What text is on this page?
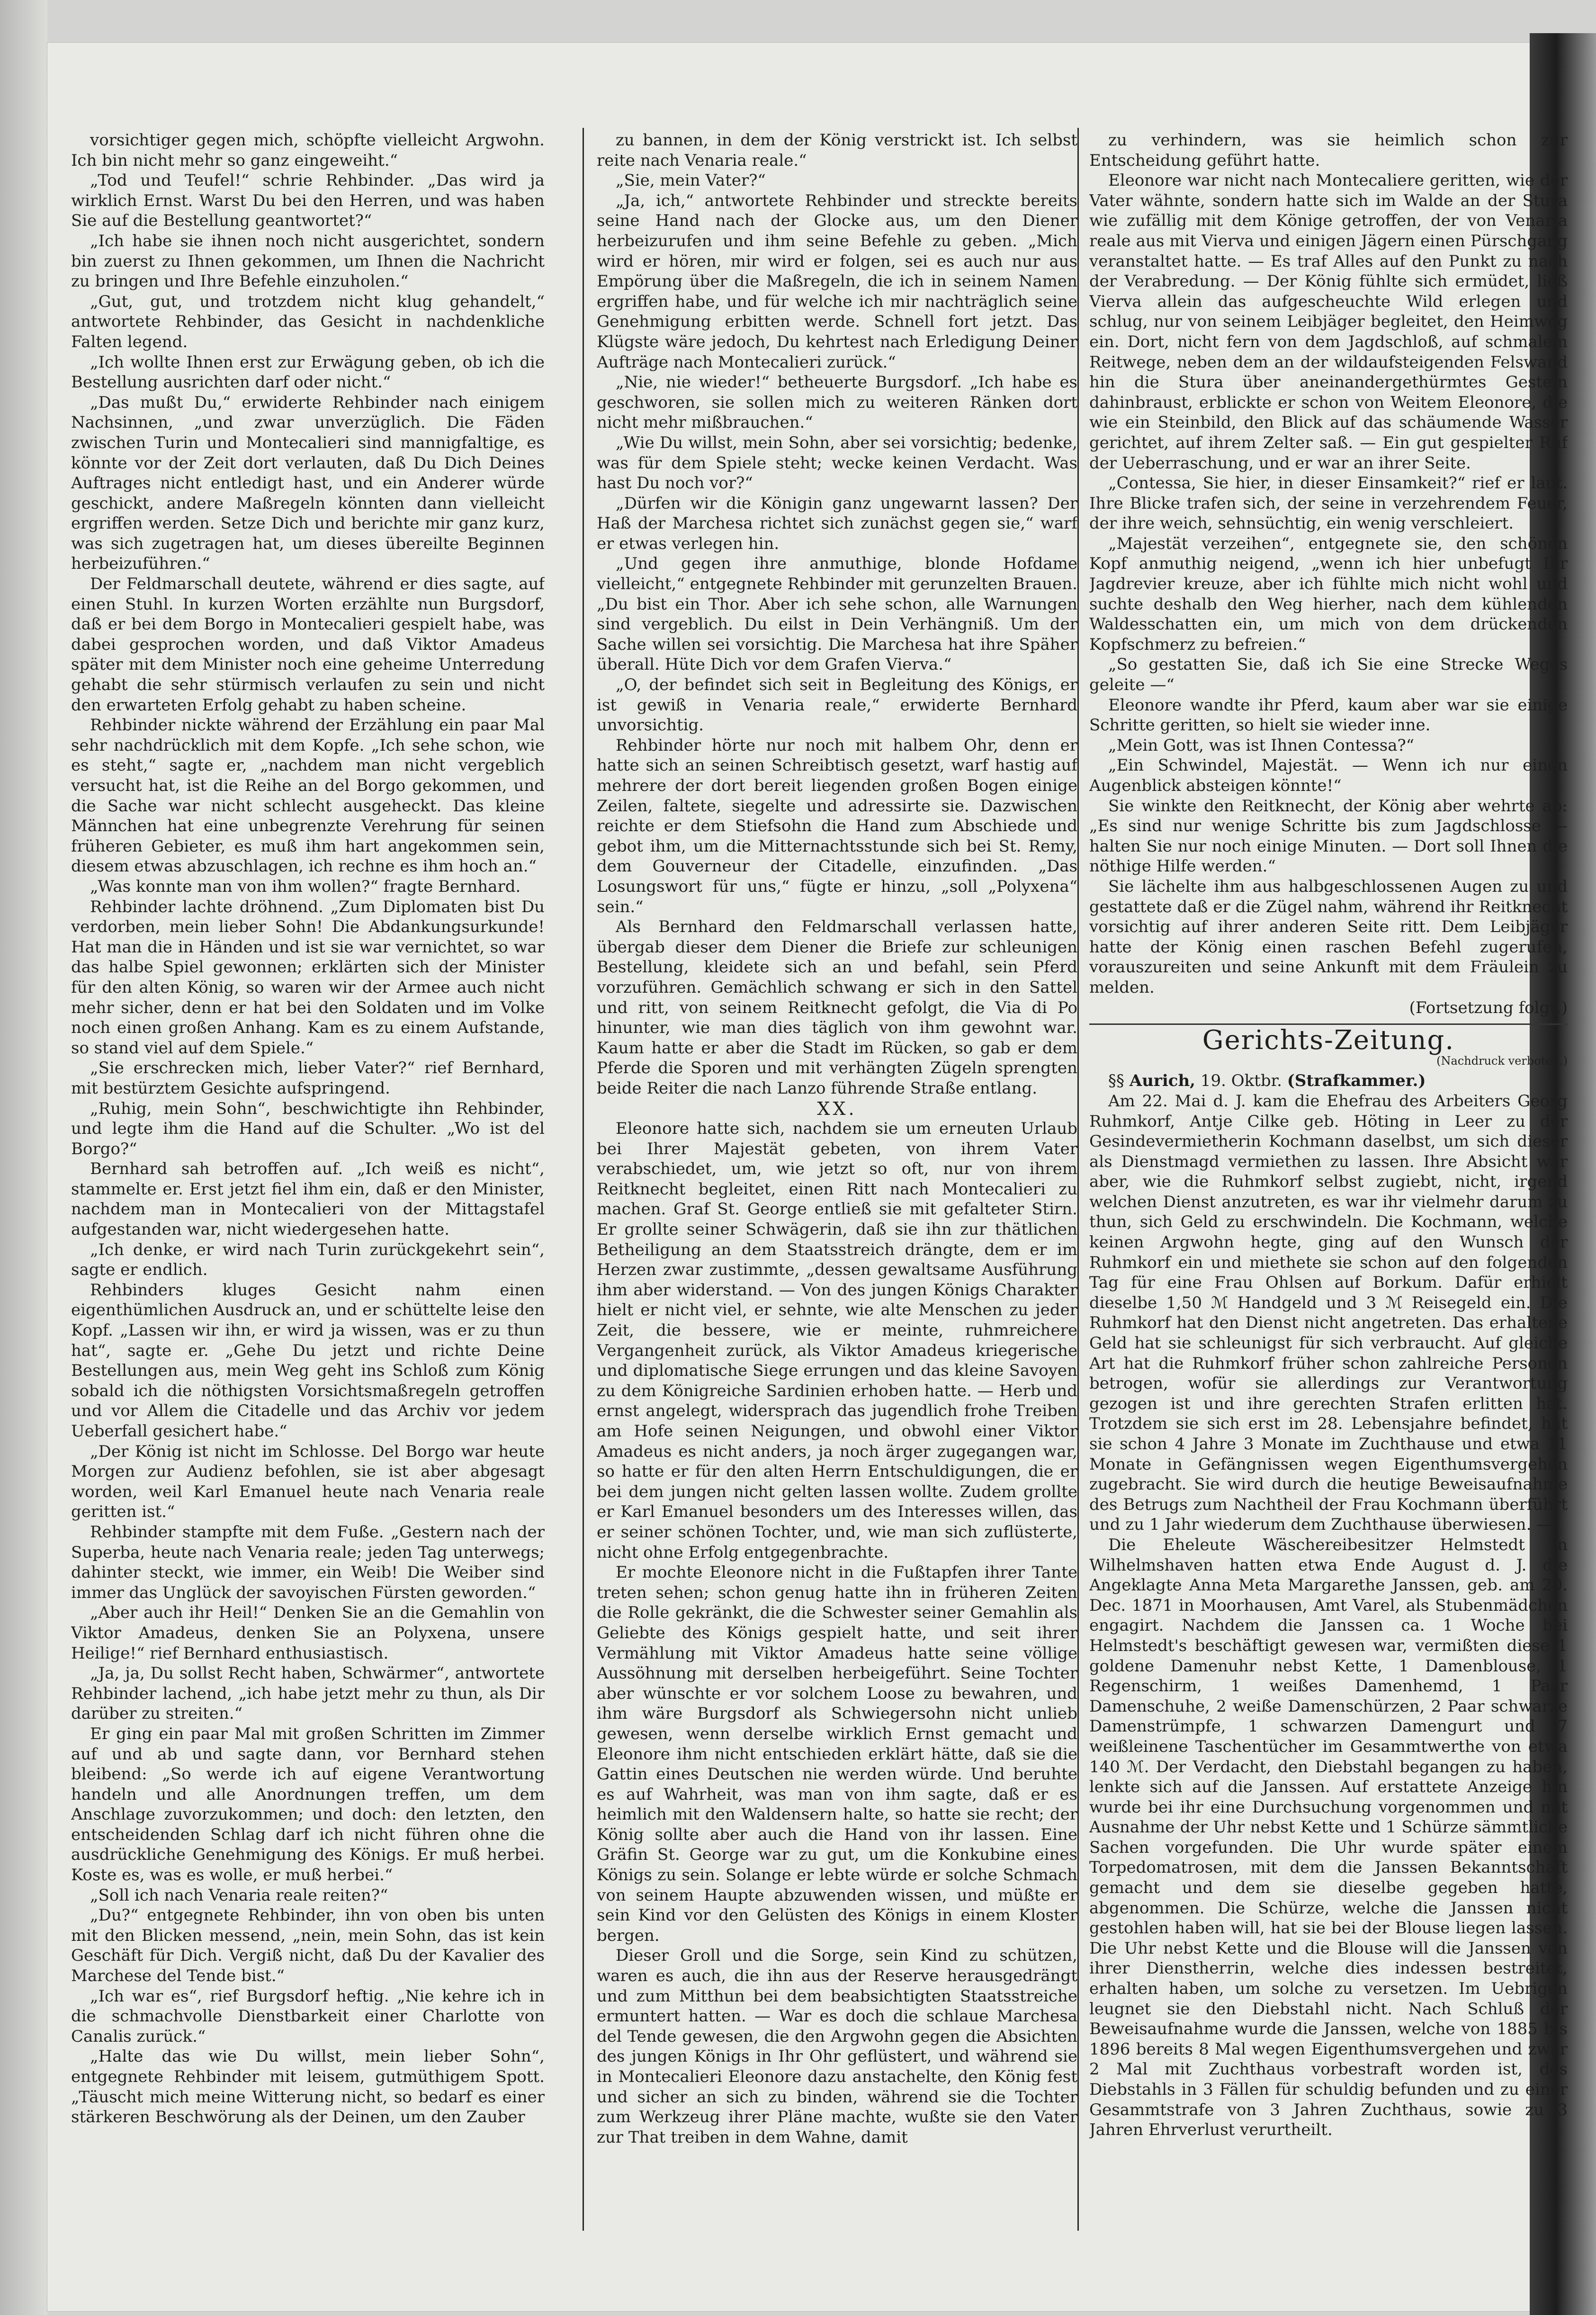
vorsichtiger gegen mich, schöpfte vielleicht Argwohn. Ich bin nicht mehr so ganz eingeweiht.“

„Tod und Teufel!“ schrie Rehbinder. „Das wird ja wirklich Ernst. Warst Du bei den Herren, und was haben Sie auf die Bestellung geantwortet?“

„Ich habe sie ihnen noch nicht ausgerichtet, sondern bin zuerst zu Ihnen gekommen, um Ihnen die Nachricht zu bringen und Ihre Befehle einzuholen.“

„Gut, gut, und trotzdem nicht klug gehandelt,“ antwortete Rehbinder, das Gesicht in nachdenkliche Falten legend.

„Ich wollte Ihnen erst zur Erwägung geben, ob ich die Bestellung ausrichten darf oder nicht.“

„Das mußt Du,“ erwiderte Rehbinder nach einigem Nachsinnen, „und zwar unverzüglich. Die Fäden zwischen Turin und Montecalieri sind mannigfaltige, es könnte vor der Zeit dort verlauten, daß Du Dich Deines Auftrages nicht entledigt hast, und ein Anderer würde geschickt, andere Maßregeln könnten dann vielleicht ergriffen werden. Setze Dich und berichte mir ganz kurz, was sich zugetragen hat, um dieses übereilte Beginnen herbeizuführen.“

Der Feldmarschall deutete, während er dies sagte, auf einen Stuhl. In kurzen Worten erzählte nun Burgsdorf, daß er bei dem Borgo in Montecalieri gespielt habe, was dabei gesprochen worden, und daß Viktor Amadeus später mit dem Minister noch eine geheime Unterredung gehabt die sehr stürmisch verlaufen zu sein und nicht den erwarteten Erfolg gehabt zu haben scheine.

Rehbinder nickte während der Erzählung ein paar Mal sehr nachdrücklich mit dem Kopfe. „Ich sehe schon, wie es steht,“ sagte er, „nachdem man nicht vergeblich versucht hat, ist die Reihe an del Borgo gekommen, und die Sache war nicht schlecht ausgeheckt. Das kleine Männchen hat eine unbegrenzte Verehrung für seinen früheren Gebieter, es muß ihm hart angekommen sein, diesem etwas abzuschlagen, ich rechne es ihm hoch an.“

„Was konnte man von ihm wollen?“ fragte Bernhard.

Rehbinder lachte dröhnend. „Zum Diplomaten bist Du verdorben, mein lieber Sohn! Die Abdankungsurkunde! Hat man die in Händen und ist sie war vernichtet, so war das halbe Spiel gewonnen; erklärten sich der Minister für den alten König, so waren wir der Armee auch nicht mehr sicher, denn er hat bei den Soldaten und im Volke noch einen großen Anhang. Kam es zu einem Aufstande, so stand viel auf dem Spiele.“

„Sie erschrecken mich, lieber Vater?“ rief Bernhard, mit bestürztem Gesichte aufspringend.

„Ruhig, mein Sohn“, beschwichtigte ihn Rehbinder, und legte ihm die Hand auf die Schulter. „Wo ist del Borgo?“

Bernhard sah betroffen auf. „Ich weiß es nicht“, stammelte er. Erst jetzt fiel ihm ein, daß er den Minister, nachdem man in Montecalieri von der Mittagstafel aufgestanden war, nicht wiedergesehen hatte.

„Ich denke, er wird nach Turin zurückgekehrt sein“, sagte er endlich.

Rehbinders kluges Gesicht nahm einen eigenthümlichen Ausdruck an, und er schüttelte leise den Kopf. „Lassen wir ihn, er wird ja wissen, was er zu thun hat“, sagte er. „Gehe Du jetzt und richte Deine Bestellungen aus, mein Weg geht ins Schloß zum König sobald ich die nöthigsten Vorsichtsmaßregeln getroffen und vor Allem die Citadelle und das Archiv vor jedem Ueberfall gesichert habe.“

„Der König ist nicht im Schlosse. Del Borgo war heute Morgen zur Audienz befohlen, sie ist aber abgesagt worden, weil Karl Emanuel heute nach Venaria reale geritten ist.“

Rehbinder stampfte mit dem Fuße. „Gestern nach der Superba, heute nach Venaria reale; jeden Tag unterwegs; dahinter steckt, wie immer, ein Weib! Die Weiber sind immer das Unglück der savoyischen Fürsten geworden.“

„Aber auch ihr Heil!“ Denken Sie an die Gemahlin von Viktor Amadeus, denken Sie an Polyxena, unsere Heilige!“ rief Bernhard enthusiastisch.

„Ja, ja, Du sollst Recht haben, Schwärmer“, antwortete Rehbinder lachend, „ich habe jetzt mehr zu thun, als Dir darüber zu streiten.“

Er ging ein paar Mal mit großen Schritten im Zimmer auf und ab und sagte dann, vor Bernhard stehen bleibend: „So werde ich auf eigene Verantwortung handeln und alle Anordnungen treffen, um dem Anschlage zuvorzukommen; und doch: den letzten, den entscheidenden Schlag darf ich nicht führen ohne die ausdrückliche Genehmigung des Königs. Er muß herbei. Koste es, was es wolle, er muß herbei.“

„Soll ich nach Venaria reale reiten?“

„Du?“ entgegnete Rehbinder, ihn von oben bis unten mit den Blicken messend, „nein, mein Sohn, das ist kein Geschäft für Dich. Vergiß nicht, daß Du der Kavalier des Marchese del Tende bist.“

„Ich war es“, rief Burgsdorf heftig. „Nie kehre ich in die schmachvolle Dienstbarkeit einer Charlotte von Canalis zurück.“

„Halte das wie Du willst, mein lieber Sohn“, entgegnete Rehbinder mit leisem, gutmüthigem Spott. „Täuscht mich meine Witterung nicht, so bedarf es einer stärkeren Beschwörung als der Deinen, um den Zauber

zu bannen, in dem der König verstrickt ist. Ich selbst reite nach Venaria reale.“

„Sie, mein Vater?“

„Ja, ich,“ antwortete Rehbinder und streckte bereits seine Hand nach der Glocke aus, um den Diener herbeizurufen und ihm seine Befehle zu geben. „Mich wird er hören, mir wird er folgen, sei es auch nur aus Empörung über die Maßregeln, die ich in seinem Namen ergriffen habe, und für welche ich mir nachträglich seine Genehmigung erbitten werde. Schnell fort jetzt. Das Klügste wäre jedoch, Du kehrtest nach Erledigung Deiner Aufträge nach Montecalieri zurück.“

„Nie, nie wieder!“ betheuerte Burgsdorf. „Ich habe es geschworen, sie sollen mich zu weiteren Ränken dort nicht mehr mißbrauchen.“

„Wie Du willst, mein Sohn, aber sei vorsichtig; bedenke, was für dem Spiele steht; wecke keinen Verdacht. Was hast Du noch vor?“

„Dürfen wir die Königin ganz ungewarnt lassen? Der Haß der Marchesa richtet sich zunächst gegen sie,“ warf er etwas verlegen hin.

„Und gegen ihre anmuthige, blonde Hofdame vielleicht,“ entgegnete Rehbinder mit gerunzelten Brauen. „Du bist ein Thor. Aber ich sehe schon, alle Warnungen sind vergeblich. Du eilst in Dein Verhängniß. Um der Sache willen sei vorsichtig. Die Marchesa hat ihre Späher überall. Hüte Dich vor dem Grafen Vierva.“

„O, der befindet sich seit in Begleitung des Königs, er ist gewiß in Venaria reale,“ erwiderte Bernhard unvorsichtig.

Rehbinder hörte nur noch mit halbem Ohr, denn er hatte sich an seinen Schreibtisch gesetzt, warf hastig auf mehrere der dort bereit liegenden großen Bogen einige Zeilen, faltete, siegelte und adressirte sie. Dazwischen reichte er dem Stiefsohn die Hand zum Abschiede und gebot ihm, um die Mitternachtsstunde sich bei St. Remy, dem Gouverneur der Citadelle, einzufinden. „Das Losungswort für uns,“ fügte er hinzu, „soll „Polyxena“ sein.“

Als Bernhard den Feldmarschall verlassen hatte, übergab dieser dem Diener die Briefe zur schleunigen Bestellung, kleidete sich an und befahl, sein Pferd vorzuführen. Gemächlich schwang er sich in den Sattel und ritt, von seinem Reitknecht gefolgt, die Via di Po hinunter, wie man dies täglich von ihm gewohnt war. Kaum hatte er aber die Stadt im Rücken, so gab er dem Pferde die Sporen und mit verhängten Zügeln sprengten beide Reiter die nach Lanzo führende Straße entlang.

XX.

Eleonore hatte sich, nachdem sie um erneuten Urlaub bei Ihrer Majestät gebeten, von ihrem Vater verabschiedet, um, wie jetzt so oft, nur von ihrem Reitknecht begleitet, einen Ritt nach Montecalieri zu machen. Graf St. George entließ sie mit gefalteter Stirn. Er grollte seiner Schwägerin, daß sie ihn zur thätlichen Betheiligung an dem Staatsstreich drängte, dem er im Herzen zwar zustimmte, „dessen gewaltsame Ausführung ihm aber widerstand. — Von des jungen Königs Charakter hielt er nicht viel, er sehnte, wie alte Menschen zu jeder Zeit, die bessere, wie er meinte, ruhmreichere Vergangenheit zurück, als Viktor Amadeus kriegerische und diplomatische Siege errungen und das kleine Savoyen zu dem Königreiche Sardinien erhoben hatte. — Herb und ernst angelegt, widersprach das jugendlich frohe Treiben am Hofe seinen Neigungen, und obwohl einer Viktor Amadeus es nicht anders, ja noch ärger zugegangen war, so hatte er für den alten Herrn Entschuldigungen, die er bei dem jungen nicht gelten lassen wollte. Zudem grollte er Karl Emanuel besonders um des Interesses willen, das er seiner schönen Tochter, und, wie man sich zuflüsterte, nicht ohne Erfolg entgegenbrachte.

Er mochte Eleonore nicht in die Fußtapfen ihrer Tante treten sehen; schon genug hatte ihn in früheren Zeiten die Rolle gekränkt, die die Schwester seiner Gemahlin als Geliebte des Königs gespielt hatte, und seit ihrer Vermählung mit Viktor Amadeus hatte seine völlige Aussöhnung mit derselben herbeigeführt. Seine Tochter aber wünschte er vor solchem Loose zu bewahren, und ihm wäre Burgsdorf als Schwiegersohn nicht unlieb gewesen, wenn derselbe wirklich Ernst gemacht und Eleonore ihm nicht entschieden erklärt hätte, daß sie die Gattin eines Deutschen nie werden würde. Und beruhte es auf Wahrheit, was man von ihm sagte, daß er es heimlich mit den Waldensern halte, so hatte sie recht; der König sollte aber auch die Hand von ihr lassen. Eine Gräfin St. George war zu gut, um die Konkubine eines Königs zu sein. Solange er lebte würde er solche Schmach von seinem Haupte abzuwenden wissen, und müßte er sein Kind vor den Gelüsten des Königs in einem Kloster bergen.

Dieser Groll und die Sorge, sein Kind zu schützen, waren es auch, die ihn aus der Reserve herausgedrängt und zum Mitthun bei dem beabsichtigten Staatsstreiche ermuntert hatten. — War es doch die schlaue Marchesa del Tende gewesen, die den Argwohn gegen die Absichten des jungen Königs in Ihr Ohr geflüstert, und während sie in Montecalieri Eleonore dazu anstachelte, den König fest und sicher an sich zu binden, während sie die Tochter zum Werkzeug ihrer Pläne machte, wußte sie den Vater zur That treiben in dem Wahne, damit

zu verhindern, was sie heimlich schon zur Entscheidung geführt hatte.

Eleonore war nicht nach Montecaliere geritten, wie der Vater wähnte, sondern hatte sich im Walde an der Stura wie zufällig mit dem Könige getroffen, der von Venaria reale aus mit Vierva und einigen Jägern einen Pürschgang veranstaltet hatte. — Es traf Alles auf den Punkt zu nach der Verabredung. — Der König fühlte sich ermüdet, ließ Vierva allein das aufgescheuchte Wild erlegen und schlug, nur von seinem Leibjäger begleitet, den Heimweg ein. Dort, nicht fern von dem Jagdschloß, auf schmalem Reitwege, neben dem an der wildaufsteigenden Felswand hin die Stura über aneinandergethürmtes Gestein dahinbraust, erblickte er schon von Weitem Eleonore, die wie ein Steinbild, den Blick auf das schäumende Wasser gerichtet, auf ihrem Zelter saß. — Ein gut gespielter Ruf der Ueberraschung, und er war an ihrer Seite.

„Contessa, Sie hier, in dieser Einsamkeit?“ rief er laut. Ihre Blicke trafen sich, der seine in verzehrendem Feuer, der ihre weich, sehnsüchtig, ein wenig verschleiert.

„Majestät verzeihen“, entgegnete sie, den schönen Kopf anmuthig neigend, „wenn ich hier unbefugt Ihr Jagdrevier kreuze, aber ich fühlte mich nicht wohl und suchte deshalb den Weg hierher, nach dem kühlenden Waldesschatten ein, um mich von dem drückenden Kopfschmerz zu befreien.“

„So gestatten Sie, daß ich Sie eine Strecke Weges geleite —“

Eleonore wandte ihr Pferd, kaum aber war sie einige Schritte geritten, so hielt sie wieder inne.

„Mein Gott, was ist Ihnen Contessa?“

„Ein Schwindel, Majestät. — Wenn ich nur einen Augenblick absteigen könnte!“

Sie winkte den Reitknecht, der König aber wehrte ab: „Es sind nur wenige Schritte bis zum Jagdschlosse — halten Sie nur noch einige Minuten. — Dort soll Ihnen die nöthige Hilfe werden.“

Sie lächelte ihm aus halbgeschlossenen Augen zu und gestattete daß er die Zügel nahm, während ihr Reitknecht vorsichtig auf ihrer anderen Seite ritt. Dem Leibjäger hatte der König einen raschen Befehl zugerufen, vorauszureiten und seine Ankunft mit dem Fräulein zu melden.

(Fortsetzung folgt.)

Gerichts-Zeitung.

(Nachdruck verboten.)

§§ Aurich, 19. Oktbr. (Strafkammer.)

Am 22. Mai d. J. kam die Ehefrau des Arbeiters Georg Ruhmkorf, Antje Cilke geb. Höting in Leer zu der Gesindevermietherin Kochmann daselbst, um sich dieser als Dienstmagd vermiethen zu lassen. Ihre Absicht war aber, wie die Ruhmkorf selbst zugiebt, nicht, irgend welchen Dienst anzutreten, es war ihr vielmehr darum zu thun, sich Geld zu erschwindeln. Die Kochmann, welche keinen Argwohn hegte, ging auf den Wunsch der Ruhmkorf ein und miethete sie schon auf den folgenden Tag für eine Frau Ohlsen auf Borkum. Dafür erhielt dieselbe 1,50 ℳ Handgeld und 3 ℳ Reisegeld ein. Die Ruhmkorf hat den Dienst nicht angetreten. Das erhaltene Geld hat sie schleunigst für sich verbraucht. Auf gleiche Art hat die Ruhmkorf früher schon zahlreiche Personen betrogen, wofür sie allerdings zur Verantwortung gezogen ist und ihre gerechten Strafen erlitten hat. Trotzdem sie sich erst im 28. Lebensjahre befindet, hat sie schon 4 Jahre 3 Monate im Zuchthause und etwa 11 Monate in Gefängnissen wegen Eigenthumsvergehen zugebracht. Sie wird durch die heutige Beweisaufnahme des Betrugs zum Nachtheil der Frau Kochmann überführt und zu 1 Jahr wiederum dem Zuchthause überwiesen. —

Die Eheleute Wäschereibesitzer Helmstedt in Wilhelmshaven hatten etwa Ende August d. J. die Angeklagte Anna Meta Margarethe Janssen, geb. am 20. Dec. 1871 in Moorhausen, Amt Varel, als Stubenmädchen engagirt. Nachdem die Janssen ca. 1 Woche bei Helmstedt's beschäftigt gewesen war, vermißten diese 1 goldene Damenuhr nebst Kette, 1 Damenblouse, 1 Regenschirm, 1 weißes Damenhemd, 1 Paar Damenschuhe, 2 weiße Damenschürzen, 2 Paar schwarze Damenstrümpfe, 1 schwarzen Damengurt und 7 weißleinene Taschentücher im Gesammtwerthe von etwa 140 ℳ. Der Verdacht, den Diebstahl begangen zu haben, lenkte sich auf die Janssen. Auf erstattete Anzeige hin wurde bei ihr eine Durchsuchung vorgenommen und mit Ausnahme der Uhr nebst Kette und 1 Schürze sämmtliche Sachen vorgefunden. Die Uhr wurde später einem Torpedomatrosen, mit dem die Janssen Bekanntschaft gemacht und dem sie dieselbe gegeben hatte, abgenommen. Die Schürze, welche die Janssen nicht gestohlen haben will, hat sie bei der Blouse liegen lassen. Die Uhr nebst Kette und die Blouse will die Janssen von ihrer Dienstherrin, welche dies indessen bestreitet, erhalten haben, um solche zu versetzen. Im Uebrigen leugnet sie den Diebstahl nicht. Nach Schluß der Beweisaufnahme wurde die Janssen, welche von 1885 bis 1896 bereits 8 Mal wegen Eigenthumsvergehen und zwar 2 Mal mit Zuchthaus vorbestraft worden ist, des Diebstahls in 3 Fällen für schuldig befunden und zu einer Gesammtstrafe von 3 Jahren Zuchthaus, sowie zu 3 Jahren Ehrverlust verurtheilt.
